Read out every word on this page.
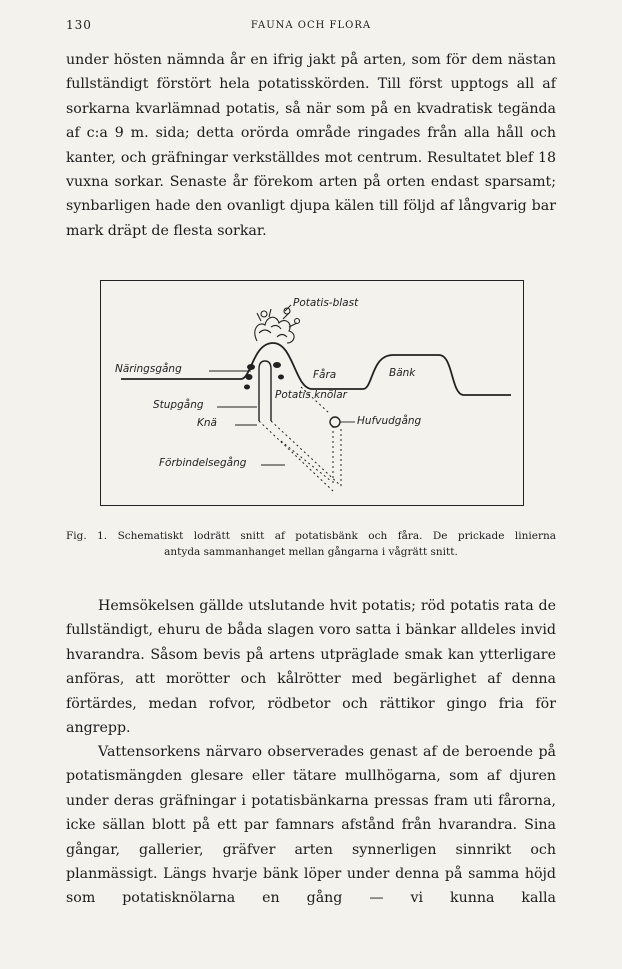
130	FAUNA OCH FLORA

under hösten nämnda år en ifrig jakt på arten, som för dem nästan fullständigt förstört hela potatisskörden. Till först upptogs all af sorkarna kvarlämnad potatis, så när som på en kvadratisk tegända af c:a 9 m. sida; detta orörda område ringades från alla håll och kanter, och gräfningar verkställdes mot centrum. Resultatet blef 18 vuxna sorkar. Senaste år förekom arten på orten endast sparsamt; synbarligen hade den ovanligt djupa kälen till följd af långvarig bar mark dräpt de flesta sorkar.

Potatis-blast
Näringsgång	Fåra	Bänk
Stupgång
Potatis knölar
Knä	Hufvudgång
Förbindelsegång
Fig. 1. Schematiskt lodrätt snitt af potatisbänk och fåra. De prickade linierna
antyda sammanhanget mellan gångarna i vågrätt snitt.

Hemsökelsen gällde utslutande hvit potatis; röd potatis rata de fullständigt, ehuru de båda slagen voro satta i bänkar alldeles invid hvarandra. Såsom bevis på artens utpräglade smak kan ytterligare anföras, att morötter och kålrötter med begärlighet af denna förtärdes, medan rofvor, rödbetor och rättikor gingo fria för angrepp.

Vattensorkens närvaro observerades genast af de beroende på potatismängden glesare eller tätare mullhögarna, som af djuren under deras gräfningar i potatisbänkarna pressas fram uti fårorna, icke sällan blott på ett par famnars afstånd från hvarandra. Sina gångar, gallerier, gräfver arten synnerligen sinnrikt och planmässigt. Längs hvarje bänk löper under denna på samma höjd som potatisknölarna en gång — vi kunna kalla
